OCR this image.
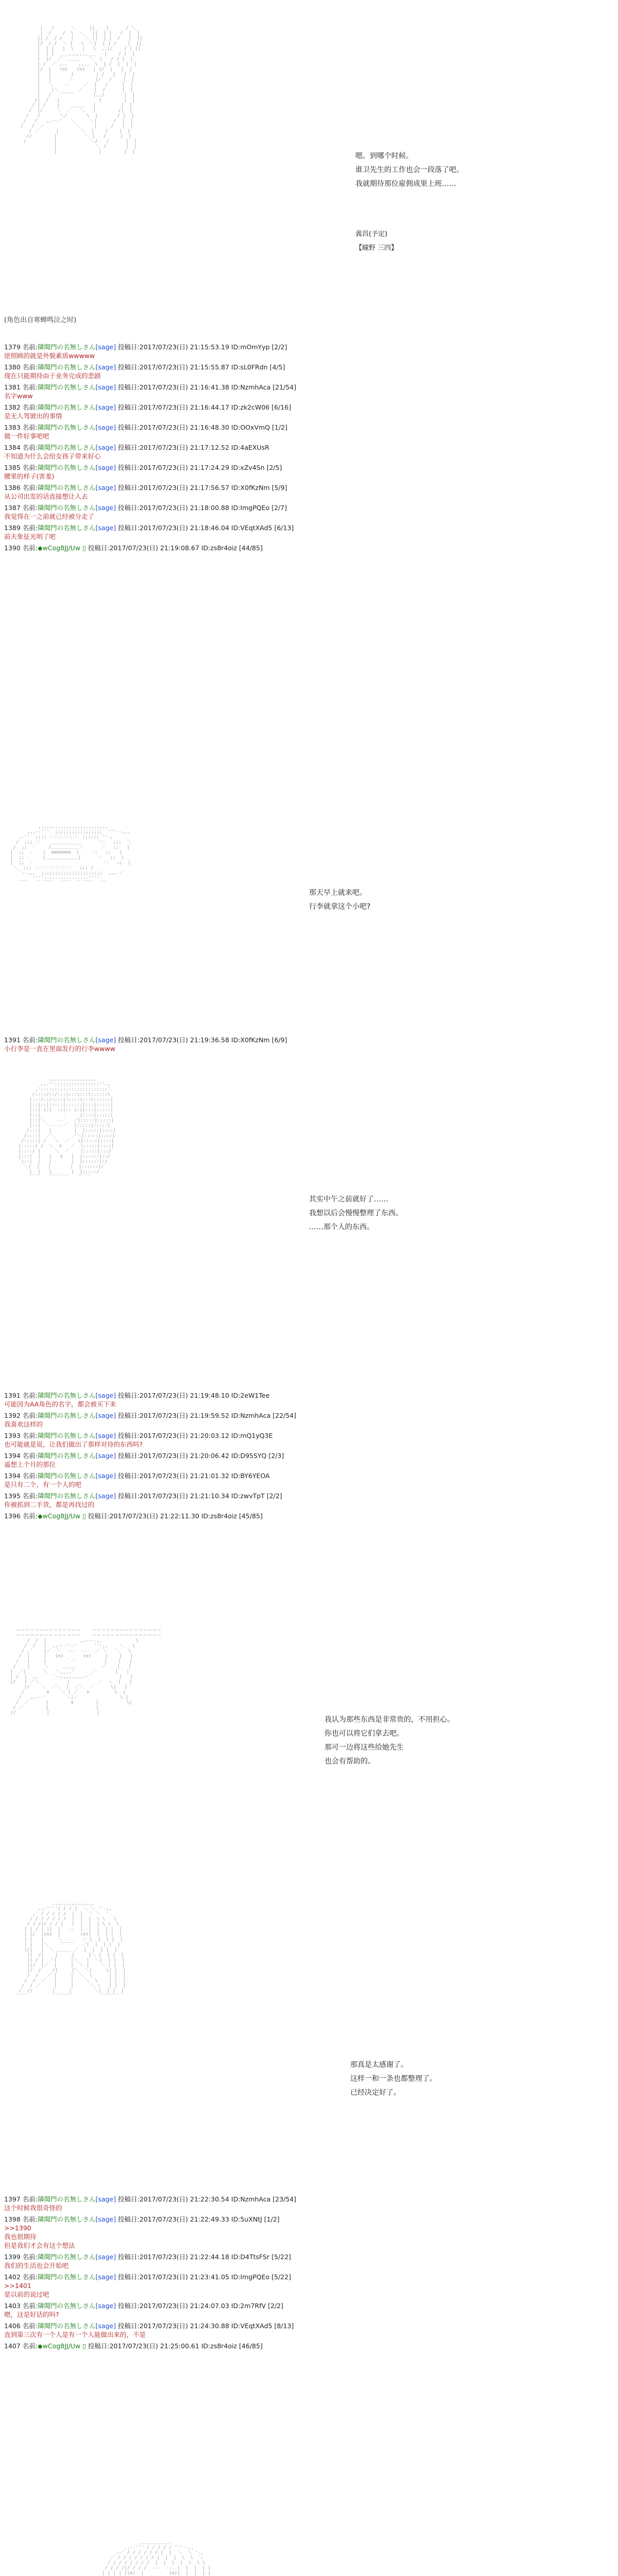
|   /      ＼     ||    |      / ＼
|  /    /  \  ＼   ||  | |   /  |  |
|| /  / /   |    ＼ ||  | |  /   |  ||
|/  / /  ＼ |   \  ＼|  | | /    |  ||
|  | |   |  \   |   \  ,,|/    / | ||
|  | |  ___,,,,,,,___   |    / |  |
|  |/  ／  ＿＿＿   ＼  |   / / |  |
| /  ／ ,,,    ,,,,  \  | /  |  |  |
|/  |   (⊙)   (⊙)   | |/  |   |  |
|   |       )        | /   |   |  |
|   |      ／        |/   /    |  |
|   ＼    ‐‐     ／  |   /     |  |
|    |＼       ／    |  /      |  |
|   /   ‾‾‾‾‾       |,,/       |  |
/|  /   |              |        |  |
/ | /    |    ＿＿＿   |         |  |
/  |/     ＼  ／   ＼   |        /|  |
/   /       ＼/       \  |       / |  |
/   /   ,,-‐‐'   ＼     ＼|      /  |  |
/   /  ／           ＼     |     /   |  |
/ ／      |        ＼  |    /    |  |
//        |          ＼ |   /     |  |
/          |            ＼/   /      |  |
|              ＼ /       |  |
|               |        |  |	嗯。到哪个时候。

谁卫先生的工作也会一段落了吧。

我就期待那位雇佣成果上班……

義昌(予定)

【瞳野 三四】

(角色出自寒蝉鸣泣之时)
1379 名前:隣聞門の名無しさん[sage] 投稿日:2017/07/23(日) 21:15:53.19 ID:mOmYyp [2/2]
逆照顾的就是外貌素质wwwww
1380 名前:隣聞門の名無しさん[sage] 投稿日:2017/07/23(日) 21:15:55.87 ID:sL0FRdn [4/5]
现在只能期待由于业务完成的悲剧
1381 名前:隣聞門の名無しさん[sage] 投稿日:2017/07/23(日) 21:16:41.38 ID:NzmhAca [21/54]
名字www
1382 名前:隣聞門の名無しさん[sage] 投稿日:2017/07/23(日) 21:16:44.17 ID:zk2cW06 [6/16]
是无人驾驶出的事情
1383 名前:隣聞門の名無しさん[sage] 投稿日:2017/07/23(日) 21:16:48.30 ID:OOxVmQ [1/2]
做一件好事吧吧
1384 名前:隣聞門の名無しさん[sage] 投稿日:2017/07/23(日) 21:17:12.52 ID:4aEXUsR
不知道为什么会给女孩子带来好心
1385 名前:隣聞門の名無しさん[sage] 投稿日:2017/07/23(日) 21:17:24.29 ID:xZv4Sn [2/5]
腰果的样子(害羞)
1386 名前:隣聞門の名無しさん[sage] 投稿日:2017/07/23(日) 21:17:56.57 ID:X0fKzNm [5/9]
从公司出发的话直接想让人去
1387 名前:隣聞門の名無しさん[sage] 投稿日:2017/07/23(日) 21:18:00.88 ID:ImgPQEo [2/7]
我觉得在一之前就已经被分走了
1389 名前:隣聞門の名無しさん[sage] 投稿日:2017/07/23(日) 21:18:46.04 ID:VEqtXAd5 [6/13]
前夫象征光明了吧
1390 名前:◆wCog8JJ/Uw ▯ 投稿日:2017/07/23(日) 21:19:08.67 ID:zs8r4oiz [44/85]
,,,,,,,,,,,,,,,,,,,,,,,,,
,,,-‐'''  ;;;;;;;;;;;;;;;;;  '''‐-,,,
,-''  ;;;; ：：：：：：：：：：：： ;;;;;; ''-,
/  ;;; ：：   ___________      ：：：  ;;;  ＼
/  ;;  ：    /＿＿＿＿＿＿＼      ：：  ;;   |
|  ;;  ：   |  ≡≡≡≡≡≡≡  |     ：：  ;;   |
|  ;; ：    |＿＿＿＿＿＿＿|      ：：  ;;  |
|  ;;  ：                         ：：  ;;  |
＼  ;;; ：：：：：：：：：：：：：：：：  ;;; /
‾‐-,,,  ;;;;;;;;;;;;;;;;;;;;;;  ,,,-‐‾
''''‐‐‐‐‐‐‐‐‐‐‐‐‐‐‐‐''''
￣￣   ￣ ￣￣   ￣￣  ￣ ￣￣   ￣

那天早上就来吧。

行李就拿这个小吧?

1391 名前:隣聞門の名無しさん[sage] 投稿日:2017/07/23(日) 21:19:36.58 ID:X0fKzNm [6/9]
小行李是一直在里面发行的行李wwww
,,,,,,,,,,,,,,,,,
,,-''::::::::::::::::''-,
,'::::::::::::::::::::::::'.
/::::/::/:::|:::\:::\::::::\
|:::/::/::::|:::::\:::\::::::|
|::|::|:::::|::::::|:::|:::::|
|::| (:)  ::|:: (:)|:::|:::::|
|::|        ‐     |::::|:::::|
|::|＼    ‐‐    ／|:::::|:::::|
|::|  ‾‐‐‐‐‐‐‾  |:::::|:::::|
/:::|   |        |  |:::::|::::|
/::::|  ／＼      ／＼|:::::|::::|
/:::::| /   ＼  ／   \|:::::|::::|
|:::::/ /  ＼  ∨   ／  \:::::|::::|
|::::/ |     ＼  ／    |:::::|:::/
|:::|  |   |   ∨   |  |::::::|::/
\::|  |   |       |  |::::::|:/
＼|  |   |       |  |::::::|/
|  |   |       |  |:::::/
‾‾‾‾   ‾‾‾‾‾‾‾   ‾‾‾‾‾

其实中午之前就好了……

我想以后会慢慢整理了东西。

……那个人的东西。

1391 名前:隣聞門の名無しさん[sage] 投稿日:2017/07/23(日) 21:19:48.10 ID:2eW1Tee
可能因为AA角色的名字，都会被买下来
1392 名前:隣聞門の名無しさん[sage] 投稿日:2017/07/23(日) 21:19:59.52 ID:NzmhAca [22/54]
我喜欢这样的
1393 名前:隣聞門の名無しさん[sage] 投稿日:2017/07/23(日) 21:20:03.12 ID:mQ1yQ3E
也可能就是说，让我们做出了那样对待的东西吗?
1394 名前:隣聞門の名無しさん[sage] 投稿日:2017/07/23(日) 21:20:06.42 ID:D95SYQ [2/3]
遥想上个月的那位
1394 名前:隣聞門の名無しさん[sage] 投稿日:2017/07/23(日) 21:21:01.32 ID:BY6YEOA
是只有二个，有一个人的吧
1395 名前:隣聞門の名無しさん[sage] 投稿日:2017/07/23(日) 21:21:10.34 ID:zwvTpT [2/2]
你被抓到二手货，都是再找过的
1396 名前:◆wCog8JJ/Uw ▯ 投稿日:2017/07/23(日) 21:22:11.30 ID:zs8r4oiz [45/85]
＝＝＝＝＝＝＝＝＝＝＝＝＝＝    ＝＝＝＝＝＝＝＝＝＝＝＝＝＝＝
＝＝＝＝＝＝＝＝＝＝＝＝＝＝    ＝＝＝＝＝＝＝＝＝＝＝＝＝＝＝
/  /  |            ,,‐‐‐‐,,            \
/  /   |  ,,-‐‐'‐‐'      ''‐,,    ＼   \
/ ,'    |／  ＼  ‐‐‐  ‐‐‐  ／ ＼   ＼   \
/  |     |   (⊙)       (⊙)     |    |   |
/   |     |       ｀‐'          |    |   |
/    |     ＼     ＿＿＿         ／    |   |
|  ／|      ＼   ＼＿＿／      ／       |   |
| /  |  ,,     ‾‐‐,,,,,,,,‐‐‾          |   |
|/   | ／＼          |          ／  ＼  |   |
|/    ＼  ／＼  |  ／＼  ／      \|   |
/        ∨    ＼ | ／   ∨         \  |
/   ,,‐‐‐'       ＼|／               \ |
/  ／      |        ∨        |          \|
/ ／        |                 |
//           |                 |

我认为那些东西是非常贵的，不用担心。

你也可以将它们拿去吧。

那可一边将这些给她先生

也会有帮助的。

,,,,,,,,,,,,,,,
,,-''''/ / / |  ＼ ＼ ''-,,
,' / / / / /  |  |  ＼ ＼  '.
/ / / / / / /  |  |  |  \ \   \
/ / /|/ / / |   |  |  |  | \ \  \
| | / | ||  |   ‐‐  |‐‐|  |  | |  |
| |/  |(⊙)  |       (⊙)|  |  | |  |
| |   |     ＼  ‐    ／ |  |  | |  |
| |   |＼    ‾‾‾‾‾   ／|  |  | |  |
|/|   |  ＼ ＿＿＿ ／  |  |  | |  |
||  /|    |     |     |＼ |  | |  |
|| / |  ／|     |＼   |  ＼|  | |  |
||/  |／  |     |  ＼ |    ＼ | |  |
|/  /    /|     |＼  ＼|     \| |  |
/  /   ／ |     |  ＼  \      | |  |
/  /  ／   |     |    ＼  \    | |  |
/  / ／     |     |      ＼ \   | |  |
/  //       |     |        ＼\  | |  |
‾‾‾‾         ‾‾‾‾‾‾‾          ‾‾‾‾‾‾‾

那真是太感谢了。

这样一和一条也都整理了。

已经决定好了。

1397 名前:隣聞門の名無しさん[sage] 投稿日:2017/07/23(日) 21:22:30.54 ID:NzmhAca [23/54]
这个时候我很奇怪的
1398 名前:隣聞門の名無しさん[sage] 投稿日:2017/07/23(日) 21:22:49.33 ID:5uXNtJ [1/2]
>>1390
我也很期待
但是我们才会有这个想法
1399 名前:隣聞門の名無しさん[sage] 投稿日:2017/07/23(日) 21:22:44.18 ID:D4TtsFSr [5/22]
我们的生活也会开始吧
1402 名前:隣聞門の名無しさん[sage] 投稿日:2017/07/23(日) 21:23:41.05 ID:ImgPQEo [5/22]
>>1401
是以前的说过吧
1403 名前:隣聞門の名無しさん[sage] 投稿日:2017/07/23(日) 21:24:07.03 ID:2m7RfV [2/2]
嗯，这是好话的吗?
1406 名前:隣聞門の名無しさん[sage] 投稿日:2017/07/23(日) 21:24:30.88 ID:VEqtXAd5 [8/13]
直到第三次有一个人是有一个人能做出来的，不是
1407 名前:◆wCog8JJ/Uw ▯ 投稿日:2017/07/23(日) 21:25:00.61 ID:zs8r4oiz [46/85]
＿＿＿＿＿＿＿
,,-‐''' / / / / / '''‐-,,
,-' / / / / / / |  |  ＼  ＼ '-,
／ / / / / / / / |  |  |  \  \  ＼
/ / / / / / / /  |  |  |  |  \  \ \
/ / / /|/ / / /  ‐‐‐  ‐‐‐ |  |  |  | |
| | | | |(⊙)  |         (⊙)|  |  |  | |
